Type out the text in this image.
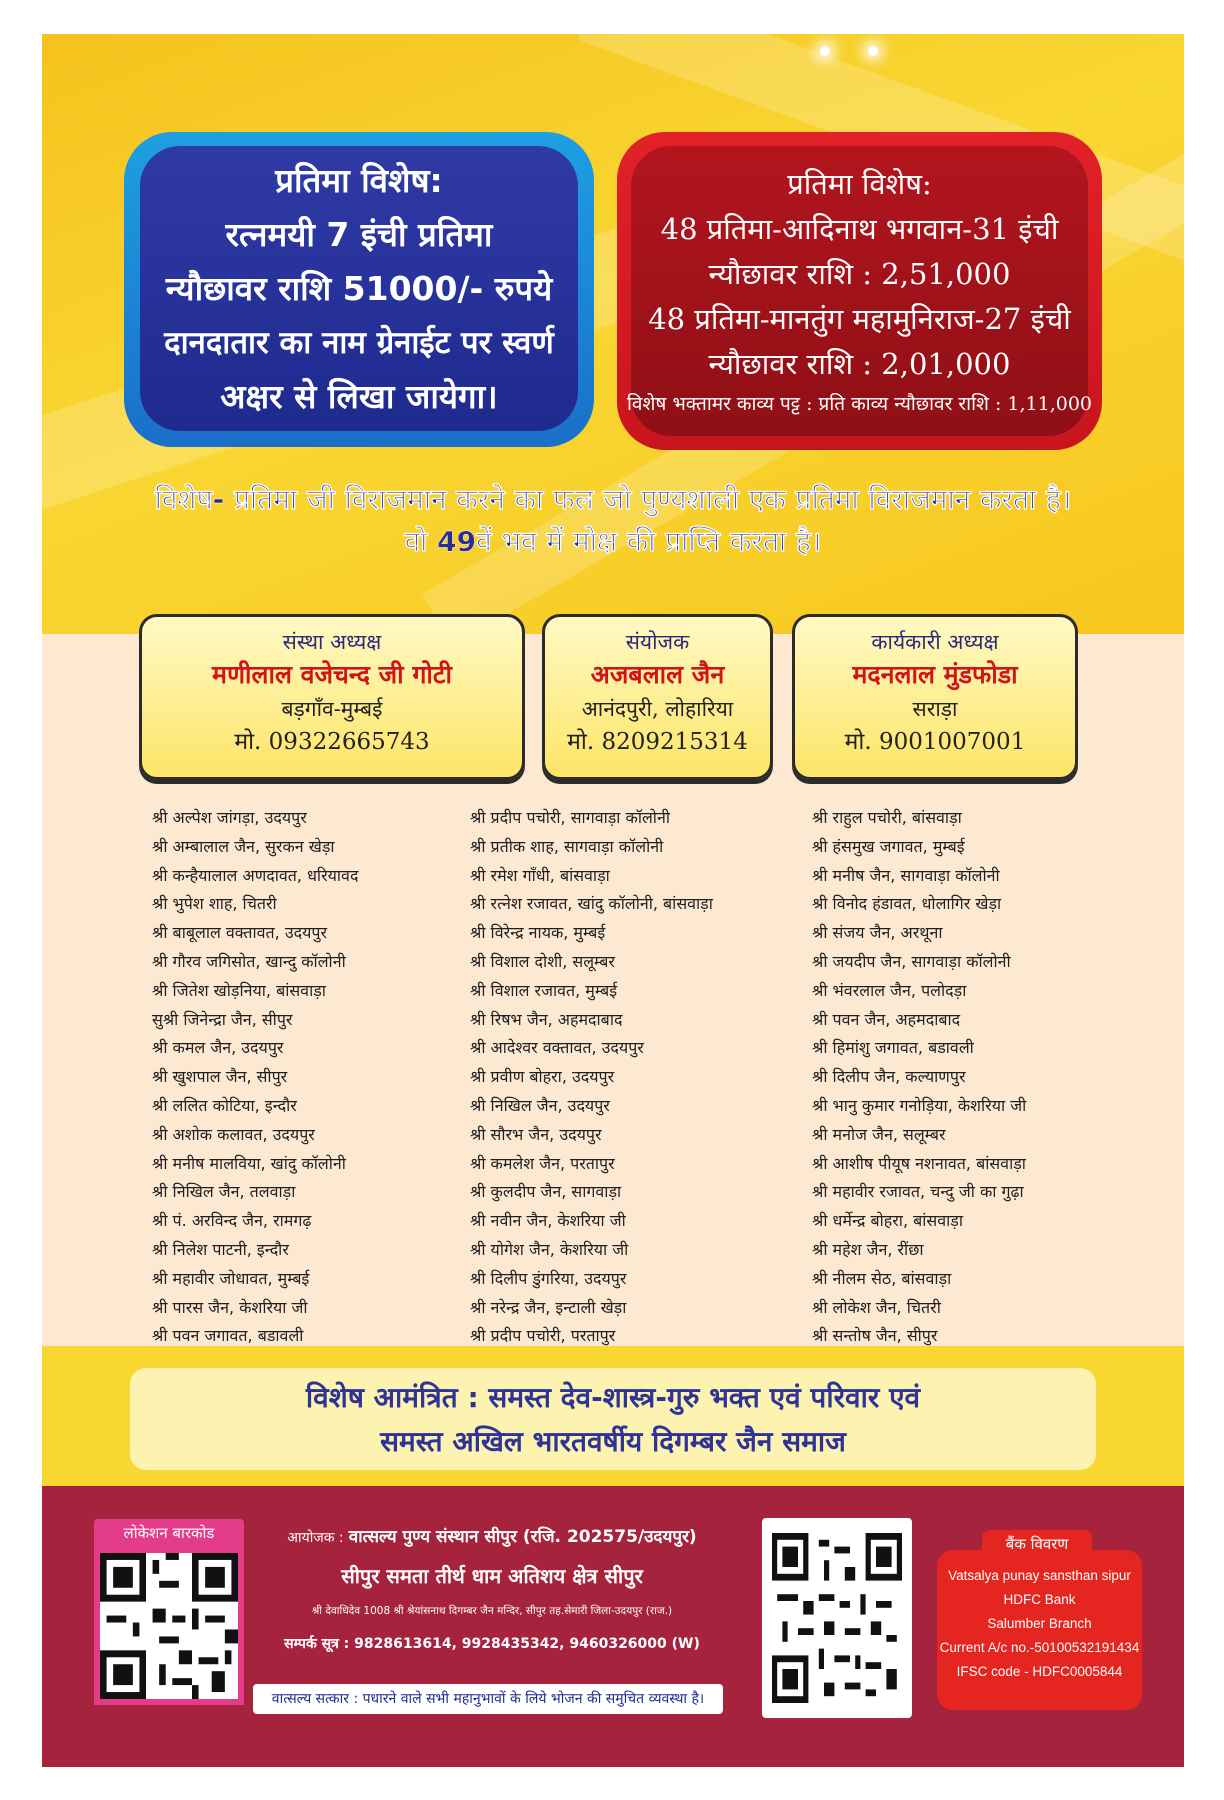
प्रतिमा विशेष:
रत्नमयी 7 इंची प्रतिमा
न्यौछावर राशि 51000/- रुपये
दानदातार का नाम ग्रेनाईट पर स्वर्ण
अक्षर से लिखा जायेगा।
प्रतिमा विशेष:
48 प्रतिमा-आदिनाथ भगवान-31 इंची
न्यौछावर राशि : 2,51,000
48 प्रतिमा-मानतुंग महामुनिराज-27 इंची
न्यौछावर राशि : 2,01,000
विशेष भक्तामर काव्य पट्ट : प्रति काव्य न्यौछावर राशि : 1,11,000
विशेष- प्रतिमा जी विराजमान करने का फल जो पुण्यशाली एक प्रतिमा विराजमान करता है।
वो 49वें भव में मोक्ष की प्राप्ति करता है।
संस्था अध्यक्ष
मणीलाल वजेचन्द जी गोटी
बड़गाँव-मुम्बई
मो. 09322665743
संयोजक
अजबलाल जैन
आनंदपुरी, लोहारिया
मो. 8209215314
कार्यकारी अध्यक्ष
मदनलाल मुंडफोडा
सराड़ा
मो. 9001007001
श्री अल्पेश जांगड़ा, उदयपुर
श्री अम्बालाल जैन, सुरकन खेड़ा
श्री कन्हैयालाल अणदावत, धरियावद
श्री भुपेश शाह, चितरी
श्री बाबूलाल वक्तावत, उदयपुर
श्री गौरव जगिसोत, खान्दु कॉलोनी
श्री जितेश खोड़निया, बांसवाड़ा
सुश्री जिनेन्द्रा जैन, सीपुर
श्री कमल जैन, उदयपुर
श्री खुशपाल जैन, सीपुर
श्री ललित कोटिया, इन्दौर
श्री अशोक कलावत, उदयपुर
श्री मनीष मालविया, खांदु कॉलोनी
श्री निखिल जैन, तलवाड़ा
श्री पं. अरविन्द जैन, रामगढ़
श्री निलेश पाटनी, इन्दौर
श्री महावीर जोधावत, मुम्बई
श्री पारस जैन, केशरिया जी
श्री पवन जगावत, बडावली
श्री प्रदीप पचोरी, सागवाड़ा कॉलोनी
श्री प्रतीक शाह, सागवाड़ा कॉलोनी
श्री रमेश गाँधी, बांसवाड़ा
श्री रत्नेश रजावत, खांदु कॉलोनी, बांसवाड़ा
श्री विरेन्द्र नायक, मुम्बई
श्री विशाल दोशी, सलूम्बर
श्री विशाल रजावत, मुम्बई
श्री रिषभ जैन, अहमदाबाद
श्री आदेश्वर वक्तावत, उदयपुर
श्री प्रवीण बोहरा, उदयपुर
श्री निखिल जैन, उदयपुर
श्री सौरभ जैन, उदयपुर
श्री कमलेश जैन, परतापुर
श्री कुलदीप जैन, सागवाड़ा
श्री नवीन जैन, केशरिया जी
श्री योगेश जैन, केशरिया जी
श्री दिलीप डुंगरिया, उदयपुर
श्री नरेन्द्र जैन, इन्टाली खेड़ा
श्री प्रदीप पचोरी, परतापुर
श्री राहुल पचोरी, बांसवाड़ा
श्री हंसमुख जगावत, मुम्बई
श्री मनीष जैन, सागवाड़ा कॉलोनी
श्री विनोद हंडावत, धोलागिर खेड़ा
श्री संजय जैन, अरथूना
श्री जयदीप जैन, सागवाड़ा कॉलोनी
श्री भंवरलाल जैन, पलोदड़ा
श्री पवन जैन, अहमदाबाद
श्री हिमांशु जगावत, बडावली
श्री दिलीप जैन, कल्याणपुर
श्री भानु कुमार गनोड़िया, केशरिया जी
श्री मनोज जैन, सलूम्बर
श्री आशीष पीयूष नशनावत, बांसवाड़ा
श्री महावीर रजावत, चन्दु जी का गुढ़ा
श्री धर्मेन्द्र बोहरा, बांसवाड़ा
श्री महेश जैन, रींछा
श्री नीलम सेठ, बांसवाड़ा
श्री लोकेश जैन, चितरी
श्री सन्तोष जैन, सीपुर
विशेष आमंत्रित : समस्त देव-शास्त्र-गुरु भक्त एवं परिवार एवं
समस्त अखिल भारतवर्षीय दिगम्बर जैन समाज
लोकेशन बारकोड	आयोजक : वात्सल्य पुण्य संस्थान सीपुर (रजि. 202575/उदयपुर)
सीपुर समता तीर्थ धाम अतिशय क्षेत्र सीपुर
श्री देवाधिदेव 1008 श्री श्रेयांसनाथ दिगम्बर जैन मन्दिर, सीपुर तह.सेमारी जिला-उदयपुर (राज.)
सम्पर्क सूत्र : 9828613614, 9928435342, 9460326000 (W)
वात्सल्य सत्कार : पधारने वाले सभी महानुभावों के लिये भोजन की समुचित व्यवस्था है।
बैंक विवरण
Vatsalya punay sansthan sipur
HDFC Bank
Salumber Branch
Current A/c no.-50100532191434
IFSC code - HDFC0005844
